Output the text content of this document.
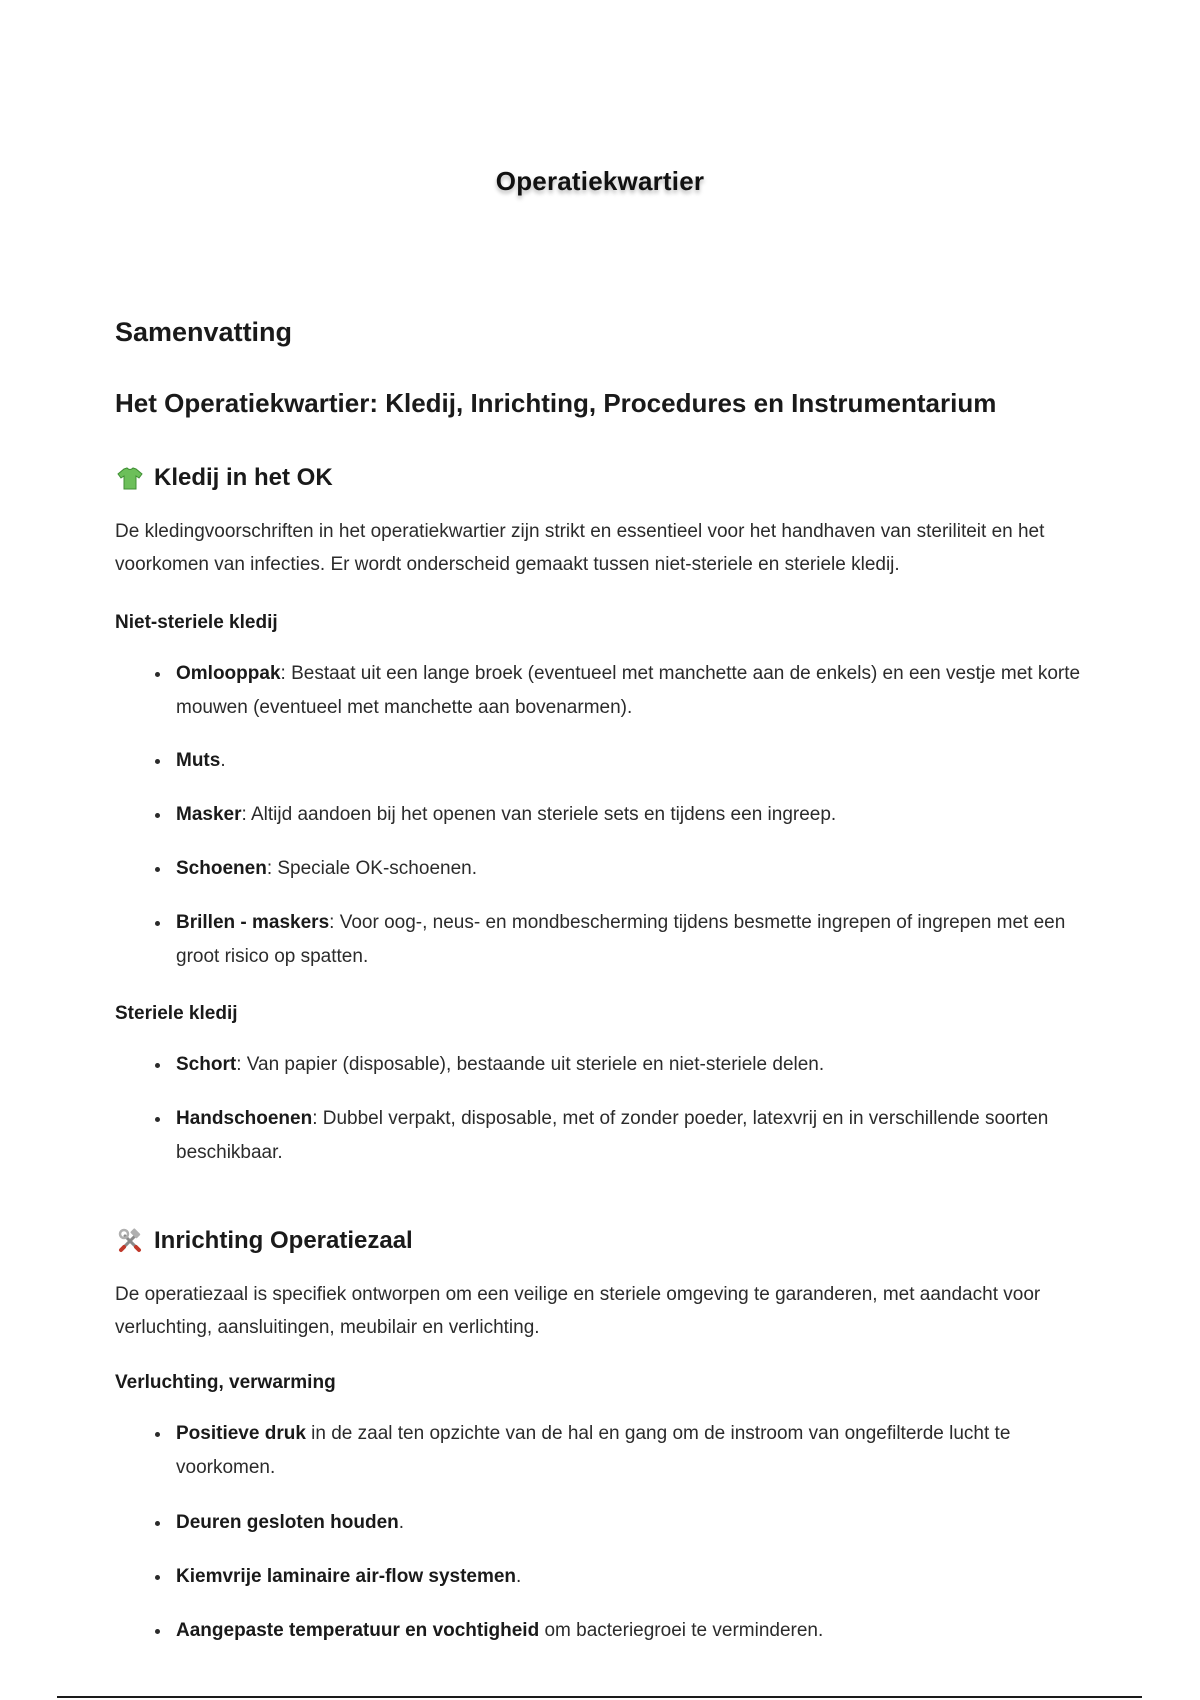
Operatiekwartier
Samenvatting
Het Operatiekwartier: Kledij, Inrichting, Procedures en Instrumentarium
Kledij in het OK

De kledingvoorschriften in het operatiekwartier zijn strikt en essentieel voor het handhaven van steriliteit en het voorkomen van infecties. Er wordt onderscheid gemaakt tussen niet-steriele en steriele kledij.

Niet-steriele kledij
Omlooppak: Bestaat uit een lange broek (eventueel met manchette aan de enkels) en een vestje met korte mouwen (eventueel met manchette aan bovenarmen).
Muts.
Masker: Altijd aandoen bij het openen van steriele sets en tijdens een ingreep.
Schoenen: Speciale OK-schoenen.
Brillen - maskers: Voor oog-, neus- en mondbescherming tijdens besmette ingrepen of ingrepen met een groot risico op spatten.
Steriele kledij
Schort: Van papier (disposable), bestaande uit steriele en niet-steriele delen.
Handschoenen: Dubbel verpakt, disposable, met of zonder poeder, latexvrij en in verschillende soorten beschikbaar.
Inrichting Operatiezaal

De operatiezaal is specifiek ontworpen om een veilige en steriele omgeving te garanderen, met aandacht voor verluchting, aansluitingen, meubilair en verlichting.

Verluchting, verwarming
Positieve druk in de zaal ten opzichte van de hal en gang om de instroom van ongefilterde lucht te voorkomen.
Deuren gesloten houden.
Kiemvrije laminaire air-flow systemen.
Aangepaste temperatuur en vochtigheid om bacteriegroei te verminderen.
